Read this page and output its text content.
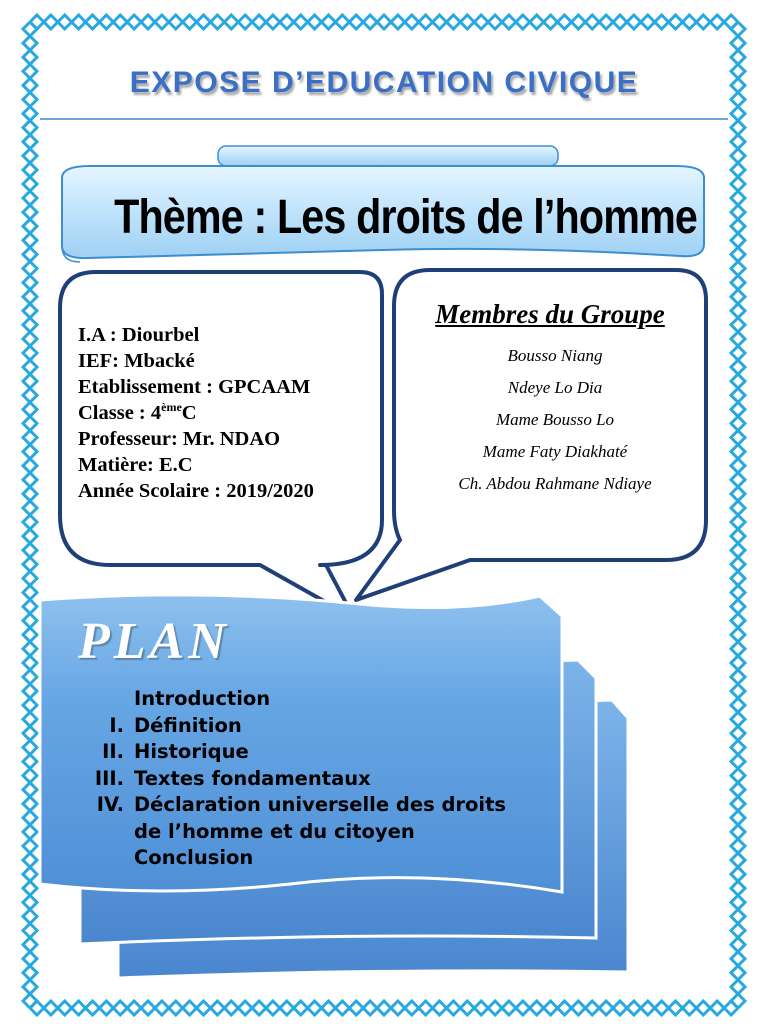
EXPOSE D’EDUCATION CIVIQUE
Thème : Les droits de l’homme
I.A : Diourbel
IEF: Mbacké
Etablissement : GPCAAM
Classe : 4èmeC
Professeur: Mr. NDAO
Matière: E.C
Année Scolaire : 2019/2020
Membres du Groupe
Bousso Niang
Ndeye Lo Dia
Mame Bousso Lo
Mame Faty Diakhaté
Ch. Abdou Rahmane Ndiaye
PLAN
Introduction
I. Définition
II. Historique
III. Textes fondamentaux
IV. Déclaration universelle des droits de l’homme et du citoyen
Conclusion
